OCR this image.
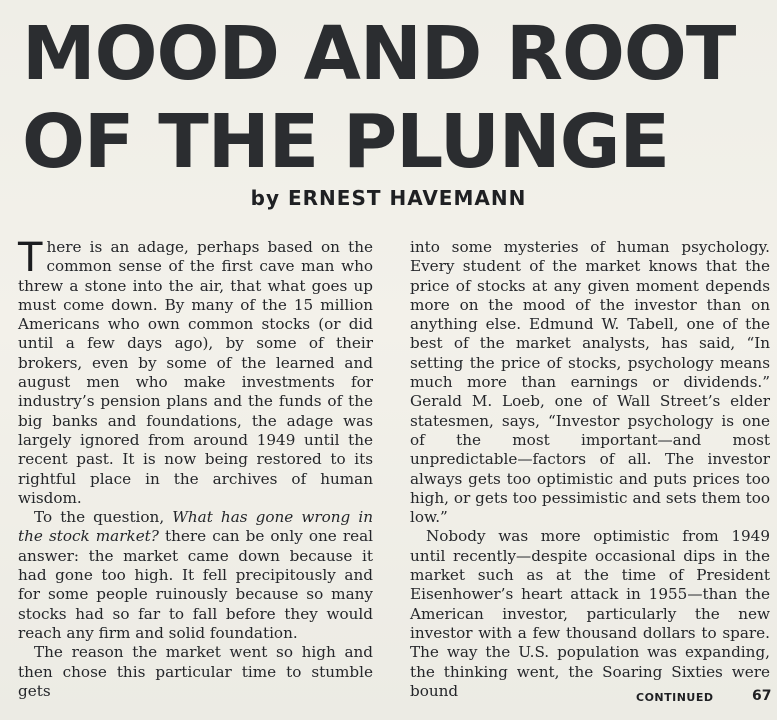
MOOD AND ROOT
OF THE PLUNGE
by ERNEST HAVEMANN

There is an adage, perhaps based on the common sense of the first cave man who threw a stone into the air, that what goes up must come down. By many of the 15 million Americans who own common stocks (or did until a few days ago), by some of their brokers, even by some of the learned and august men who make investments for industry’s pension plans and the funds of the big banks and foundations, the adage was largely ignored from around 1949 until the recent past. It is now being restored to its rightful place in the archives of human wisdom.

To the question, What has gone wrong in the stock market? there can be only one real answer: the market came down because it had gone too high. It fell precipitously and for some people ruinously because so many stocks had so far to fall before they would reach any firm and solid foundation.

The reason the market went so high and then chose this particular time to stumble gets

into some mysteries of human psychology. Every student of the market knows that the price of stocks at any given moment depends more on the mood of the investor than on anything else. Edmund W. Tabell, one of the best of the market analysts, has said, “In setting the price of stocks, psychology means much more than earnings or dividends.” Gerald M. Loeb, one of Wall Street’s elder statesmen, says, “Investor psychology is one of the most important—and most unpredictable—factors of all. The investor always gets too optimistic and puts prices too high, or gets too pessimistic and sets them too low.”

Nobody was more optimistic from 1949 until recently—despite occasional dips in the market such as at the time of President Eisenhower’s heart attack in 1955—than the American investor, particularly the new investor with a few thousand dollars to spare. The way the U.S. population was expanding, the thinking went, the Soaring Sixties were bound	CONTINUED	67
